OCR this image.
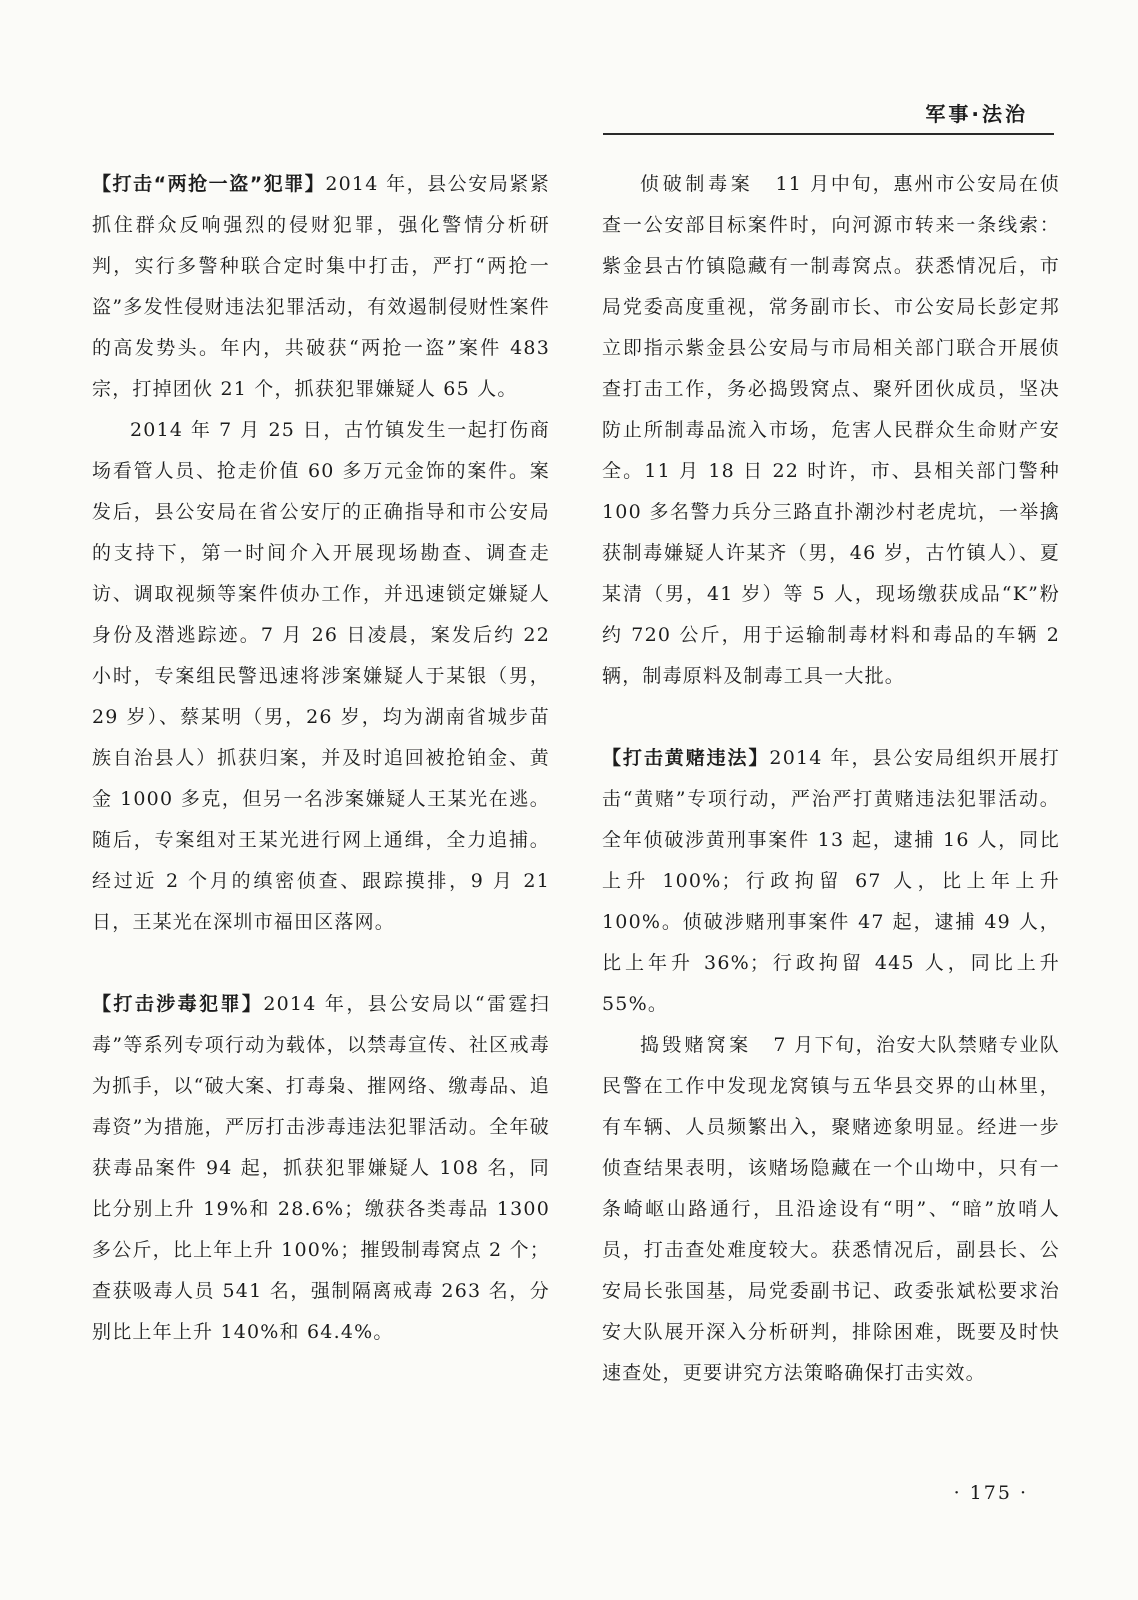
军事·法治

【打击“两抢一盗”犯罪】2014 年，县公安局紧紧抓住群众反响强烈的侵财犯罪，强化警情分析研判，实行多警种联合定时集中打击，严打“两抢一盗”多发性侵财违法犯罪活动，有效遏制侵财性案件的高发势头。年内，共破获“两抢一盗”案件 483 宗，打掉团伙 21 个，抓获犯罪嫌疑人 65 人。

2014 年 7 月 25 日，古竹镇发生一起打伤商场看管人员、抢走价值 60 多万元金饰的案件。案发后，县公安局在省公安厅的正确指导和市公安局的支持下，第一时间介入开展现场勘查、调查走访、调取视频等案件侦办工作，并迅速锁定嫌疑人身份及潜逃踪迹。7 月 26 日凌晨，案发后约 22 小时，专案组民警迅速将涉案嫌疑人于某银（男，29 岁）、蔡某明（男，26 岁，均为湖南省城步苗族自治县人）抓获归案，并及时追回被抢铂金、黄金 1000 多克，但另一名涉案嫌疑人王某光在逃。随后，专案组对王某光进行网上通缉，全力追捕。经过近 2 个月的缜密侦查、跟踪摸排，9 月 21 日，王某光在深圳市福田区落网。

【打击涉毒犯罪】2014 年，县公安局以“雷霆扫毒”等系列专项行动为载体，以禁毒宣传、社区戒毒为抓手，以“破大案、打毒枭、摧网络、缴毒品、追毒资”为措施，严厉打击涉毒违法犯罪活动。全年破获毒品案件 94 起，抓获犯罪嫌疑人 108 名，同比分别上升 19%和 28.6%；缴获各类毒品 1300 多公斤，比上年上升 100%；摧毁制毒窝点 2 个；查获吸毒人员 541 名，强制隔离戒毒 263 名，分别比上年上升 140%和 64.4%。

侦破制毒案 11 月中旬，惠州市公安局在侦查一公安部目标案件时，向河源市转来一条线索：紫金县古竹镇隐藏有一制毒窝点。获悉情况后，市局党委高度重视，常务副市长、市公安局长彭定邦立即指示紫金县公安局与市局相关部门联合开展侦查打击工作，务必捣毁窝点、聚歼团伙成员，坚决防止所制毒品流入市场，危害人民群众生命财产安全。11 月 18 日 22 时许，市、县相关部门警种 100 多名警力兵分三路直扑潮沙村老虎坑，一举擒获制毒嫌疑人许某齐（男，46 岁，古竹镇人）、夏某清（男，41 岁）等 5 人，现场缴获成品“K”粉约 720 公斤，用于运输制毒材料和毒品的车辆 2 辆，制毒原料及制毒工具一大批。

【打击黄赌违法】2014 年，县公安局组织开展打击“黄赌”专项行动，严治严打黄赌违法犯罪活动。全年侦破涉黄刑事案件 13 起，逮捕 16 人，同比上升 100%；行政拘留 67 人，比上年上升 100%。侦破涉赌刑事案件 47 起，逮捕 49 人，比上年升 36%；行政拘留 445 人，同比上升 55%。

捣毁赌窝案 7 月下旬，治安大队禁赌专业队民警在工作中发现龙窝镇与五华县交界的山林里，有车辆、人员频繁出入，聚赌迹象明显。经进一步侦查结果表明，该赌场隐藏在一个山坳中，只有一条崎岖山路通行，且沿途设有“明”、“暗”放哨人员，打击查处难度较大。获悉情况后，副县长、公安局长张国基，局党委副书记、政委张斌松要求治安大队展开深入分析研判，排除困难，既要及时快速查处，更要讲究方法策略确保打击实效。

· 175 ·
